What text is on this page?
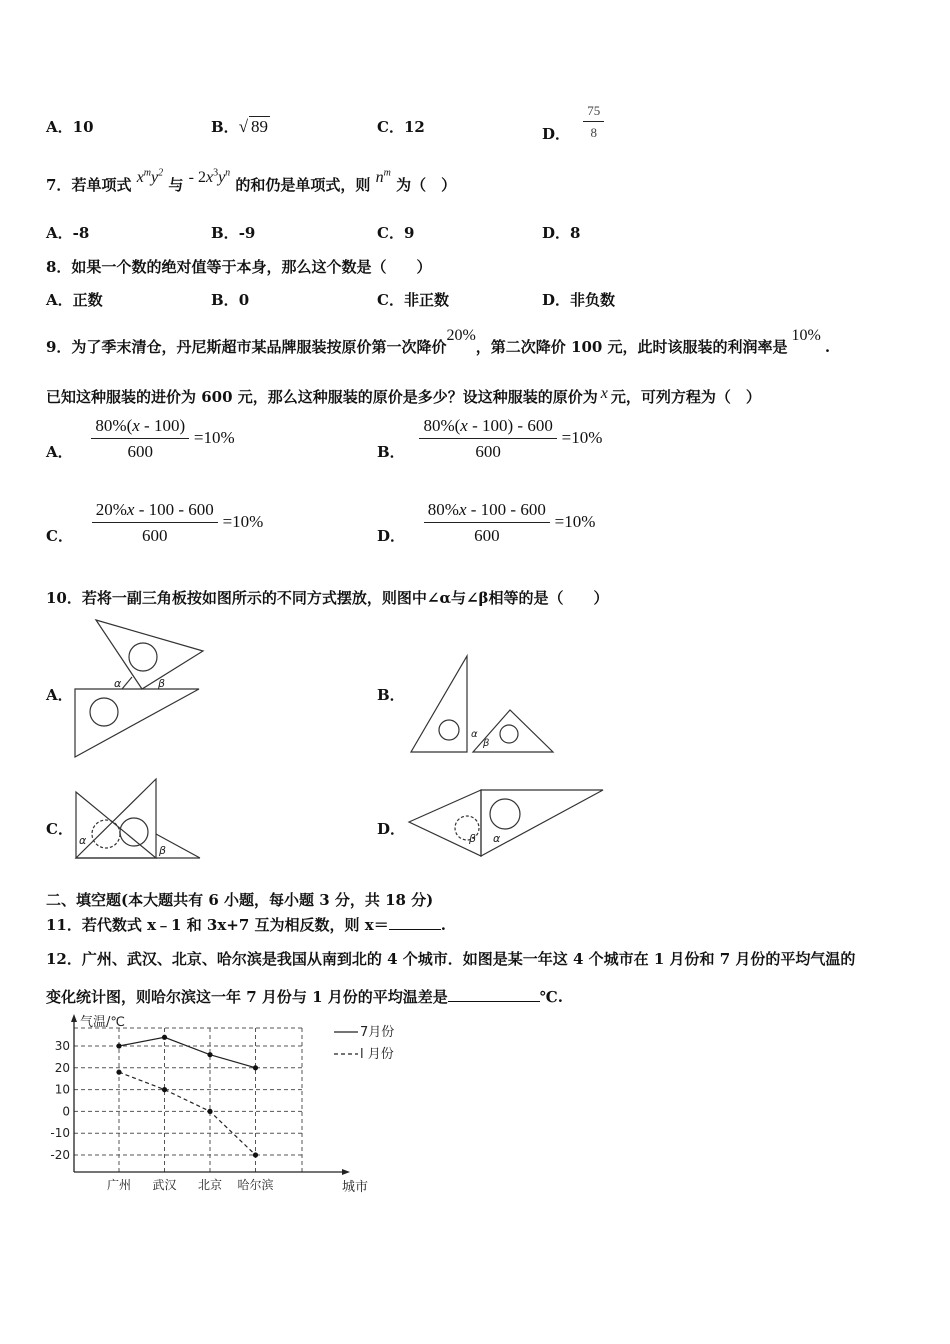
A．10	B．√ 89	C．12	D． $\frac{75}{8}$
7．若单项式 $x^my^2$ 与 - $2x^3y^n$ 的和仍是单项式，则 $n^m$ 为（　）
A．-8	B．-9	C．9	D．8
8．如果一个数的绝对值等于本身，那么这个数是（　　）
A．正数	B．0	C．非正数	D．非负数
9．为了季末清仓，丹尼斯超市某品牌服装按原价第一次降价20%，第二次降价 100 元，此时该服装的利润率是10%.
已知这种服装的进价为 600 元，那么这种服装的原价是多少？设这种服装的原价为 x 元，可列方程为（　）
A． $\frac{80\%(x - 100)}{600} =10\%$
B． $\frac{80\%(x - 100) - 600}{600} =10\%$
C． $\frac{20\%x - 100 - 600}{600} =10\%$
D． $\frac{80\%x - 100 - 600}{600} =10\%$
10．若将一副三角板按如图所示的不同方式摆放，则图中∠α与∠β相等的是（　　）
A．
α	β
B．
α
β
C．
α
β
D．
β α
二、填空题(本大题共有 6 小题，每小题 3 分，共 18 分)
11．若代数式 x﹣1 和 3x+7 互为相反数，则 x＝	.
12．广州、武汉、北京、哈尔滨是我国从南到北的 4 个城市．如图是某一年这 4 个城市在 1 月份和 7 月份的平均气温的
变化统计图，则哈尔滨这一年 7 月份与 1 月份的平均温差是	℃.
30
20
10
0
-10
-20
广州 武汉 北京 哈尔滨
气温/℃
城市
7月份
l 月份
